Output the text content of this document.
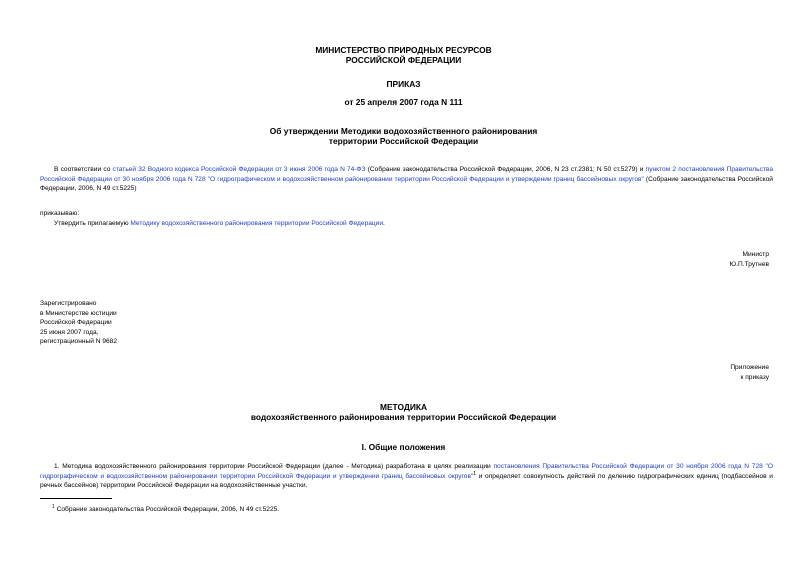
МИНИСТЕРСТВО ПРИРОДНЫХ РЕСУРСОВ
РОССИЙСКОЙ ФЕДЕРАЦИИ
ПРИКАЗ
от 25 апреля 2007 года N 111
Об утверждении Методики водохозяйственного районирования
территории Российской Федерации
В соответствии со статьей 32 Водного кодекса Российской Федерации от 3 июня 2006 года N 74-ФЗ (Собрание законодательства Российской Федерации, 2006, N 23 ст.2381; N 50 ст.5279) и пунктом 2 постановления Правительства Российской Федерации от 30 ноября 2006 года N 728 "О гидрографическом и водохозяйственном районировании территории Российской Федерации и утверждении границ бассейновых округов" (Собрание законодательства Российской Федерации, 2006, N 49 ст.5225)
приказываю:
Утвердить прилагаемую Методику водохозяйственного районирования территории Российской Федерации.
Министр
Ю.П.Трутнев
Зарегистрировано
в Министерстве юстиции
Российской Федерации
25 июня 2007 года,
регистрационный N 9682
Приложение
к приказу
МЕТОДИКА
водохозяйственного районирования территории Российской Федерации
I. Общие положения
1. Методика водохозяйственного районирования территории Российской Федерации (далее - Методика) разработана в целях реализации постановления Правительства Российской Федерации от 30 ноября 2006 года N 728 "О гидрографическом и водохозяйственном районировании территории Российской Федерации и утверждении границ бассейновых округов"$^1$ и определяет совокупность действий по делению гидрографических единиц (подбассейнов и речных бассейнов) территории Российской Федерации на водохозяйственные участки.
$^1$ Собрание законодательства Российской Федерации, 2006, N 49 ст.5225.
